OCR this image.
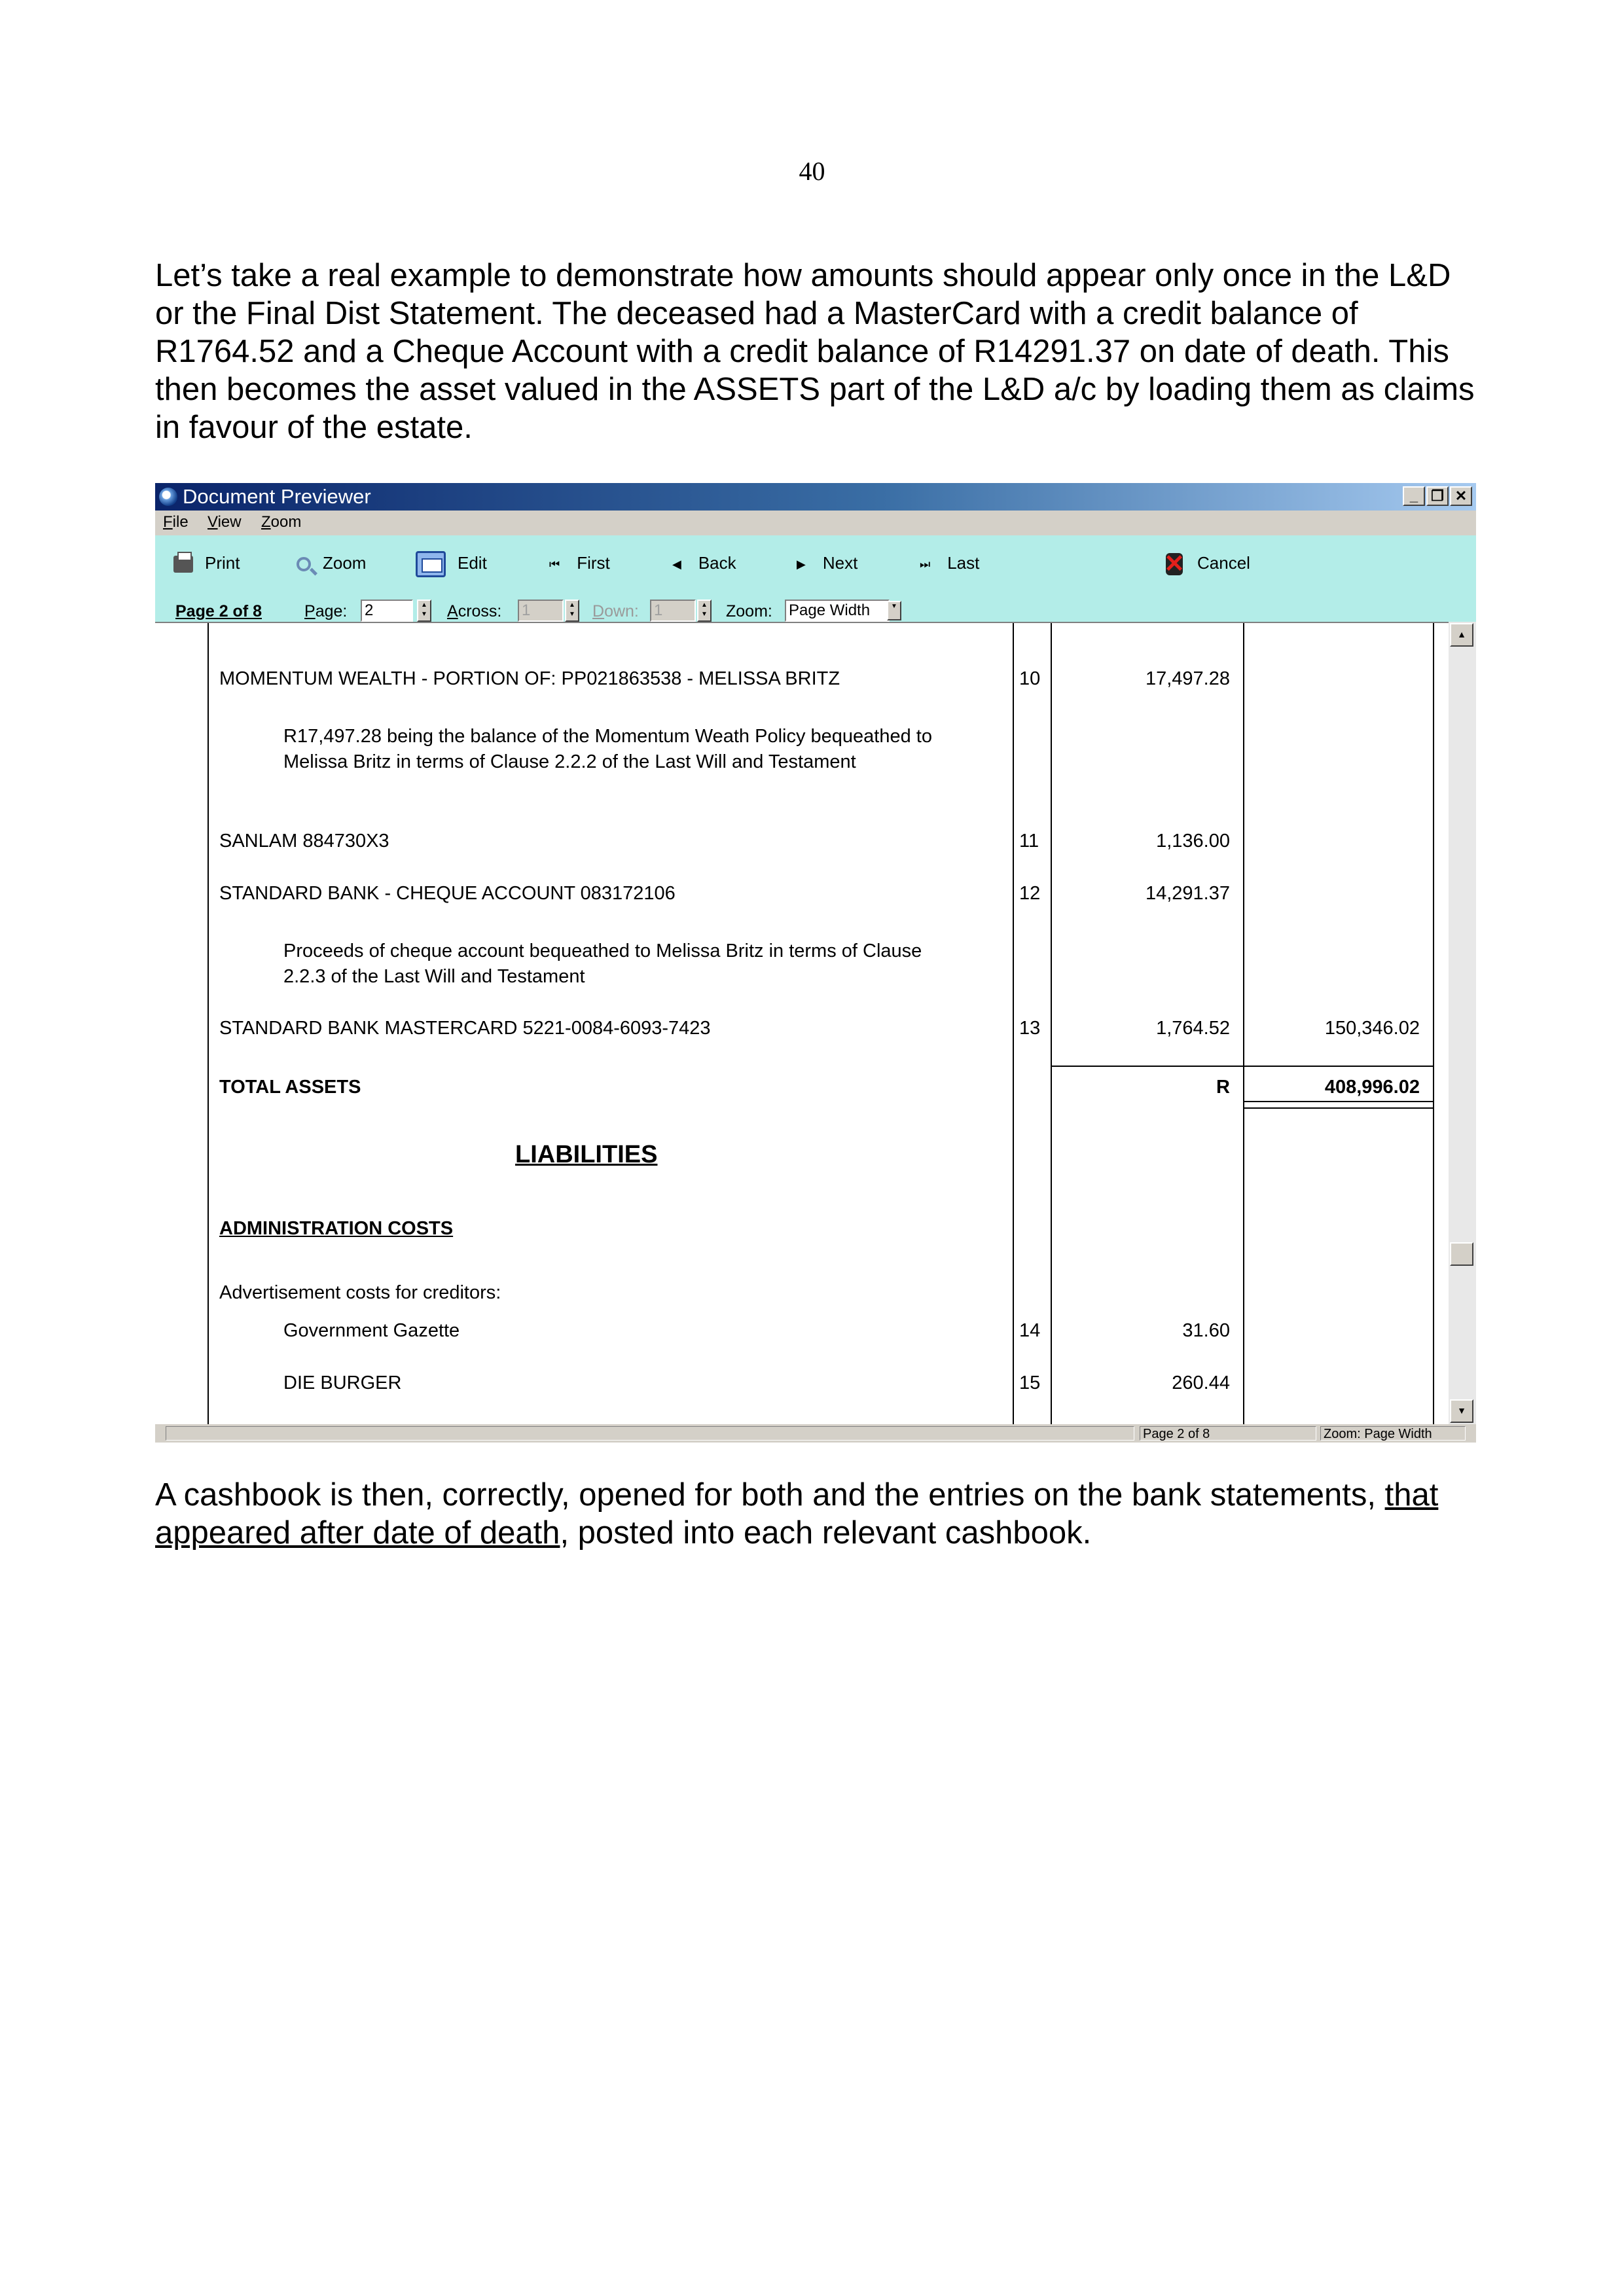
40

Let’s take a real example to demonstrate how amounts should appear only once in the L&D or the Final Dist Statement. The deceased had a MasterCard with a credit balance of R1764.52 and a Cheque Account with a credit balance of R14291.37 on date of death. This then becomes the asset valued in the ASSETS part of the L&D a/c by loading them as claims in favour of the estate.

Document Previewer	_ ❐ ✕
File View Zoom
Print	Zoom	Edit	⏮ First	◀ Back	▶ Next	⏭ Last
✕	Cancel
Page 2 of 8	Page: 2	▲
▼ Across: 1	▲
▼ Down: 1	▲
▼ Zoom: Page Width	▼
MOMENTUM WEALTH - PORTION OF: PP021863538 - MELISSA BRITZ	10	17,497.28
R17,497.28 being the balance of the Momentum Weath Policy bequeathed to Melissa Britz in terms of Clause 2.2.2 of the Last Will and Testament
SANLAM 884730X3	11	1,136.00
STANDARD BANK - CHEQUE ACCOUNT 083172106	12	14,291.37
Proceeds of cheque account bequeathed to Melissa Britz in terms of Clause 2.2.3 of the Last Will and Testament
STANDARD BANK MASTERCARD 5221-0084-6093-7423	13	1,764.52	150,346.02
TOTAL ASSETS	R	408,996.02
LIABILITIES
ADMINISTRATION COSTS
Advertisement costs for creditors:
Government Gazette	14	31.60
DIE BURGER	15	260.44
▲
▼
Page 2 of 8	Zoom: Page Width

A cashbook is then, correctly, opened for both and the entries on the bank statements, that appeared after date of death, posted into each relevant cashbook.
